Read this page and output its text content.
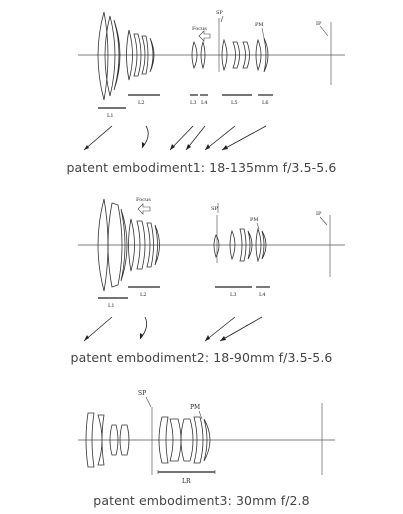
Focus
SP
PM	IP
L1
L2	L3 L4	L5	L6
patent embodiment1: 18-135mm f/3.5-5.6
Focus
SP
PM
IP
L1
L2	L3	L4
patent embodiment2: 18-90mm f/3.5-5.6
SP
PM
LR
patent embodiment3: 30mm f/2.8
